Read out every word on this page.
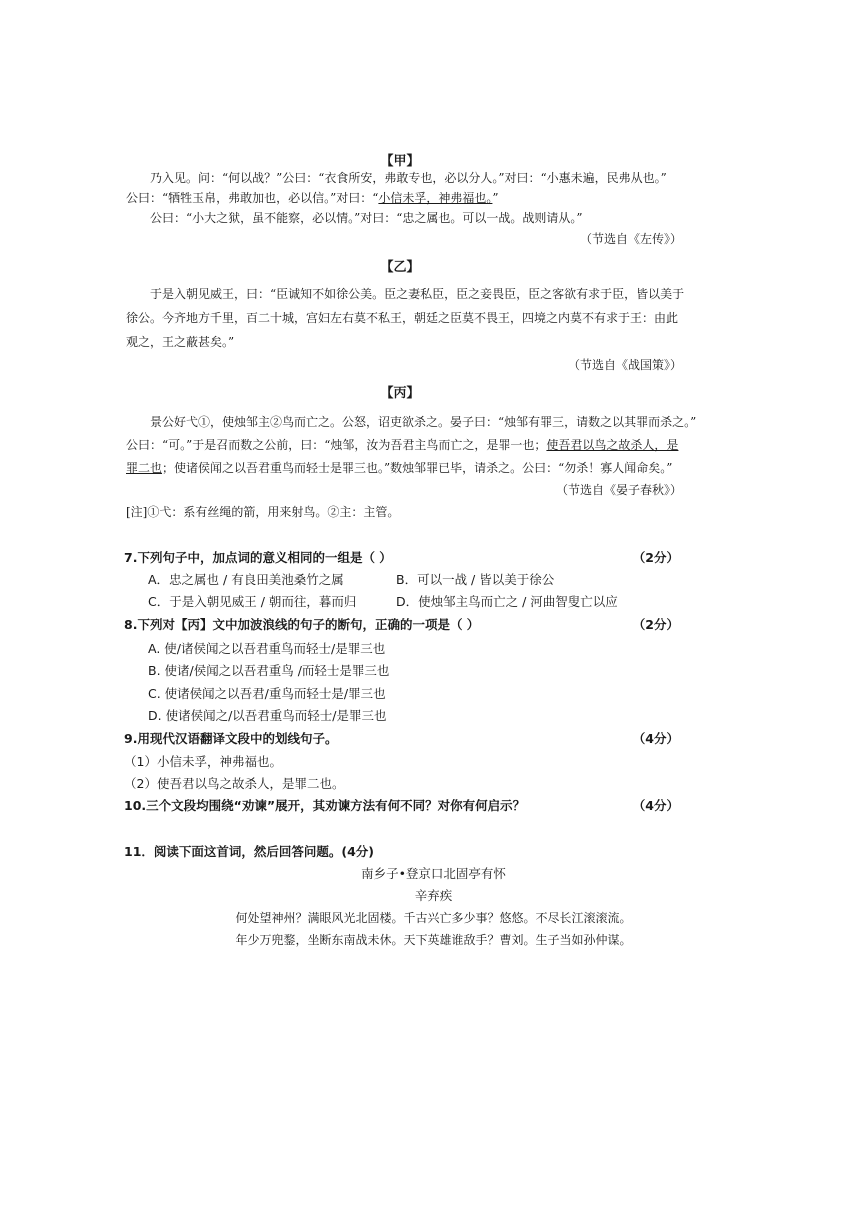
【甲】
乃入见。问：“何以战？”公曰：“衣食所安，弗敢专也，必以分人。”对曰：“小惠未遍，民弗从也。”
公曰：“牺牲玉帛，弗敢加也，必以信。”对曰：“小信未孚，神弗福也。”
公曰：“小大之狱，虽不能察，必以情。”对曰：“忠之属也。可以一战。战则请从。”
（节选自《左传》）
【乙】
于是入朝见威王，曰：“臣诚知不如徐公美。臣之妻私臣，臣之妾畏臣，臣之客欲有求于臣，皆以美于
徐公。今齐地方千里，百二十城，宫妇左右莫不私王，朝廷之臣莫不畏王，四境之内莫不有求于王：由此
观之，王之蔽甚矣。”
（节选自《战国策》）
【丙】
景公好弋①，使烛邹主②鸟而亡之。公怒，诏吏欲杀之。晏子曰：“烛邹有罪三，请数之以其罪而杀之。”
公曰：“可。”于是召而数之公前，曰：“烛邹，汝为吾君主鸟而亡之，是罪一也；使吾君以鸟之故杀人，是
罪二也；使诸侯闻之以吾君重鸟而轻士是罪三也。”数烛邹罪已毕，请杀之。公曰：“勿杀！寡人闻命矣。”
（节选自《晏子春秋》）
[注]①弋：系有丝绳的箭，用来射鸟。②主：主管。
7.下列句子中，加点词的意义相同的一组是（ ）	（2分）
A．忠之属也 / 有良田美池桑竹之属	B．可以一战 / 皆以美于徐公
C．于是入朝见威王 / 朝而往，暮而归	D．使烛邹主鸟而亡之 / 河曲智叟亡以应
8.下列对【丙】文中加波浪线的句子的断句，正确的一项是（ ）	（2分）
A. 使/诸侯闻之以吾君重鸟而轻士/是罪三也
B. 使诸/侯闻之以吾君重鸟 /而轻士是罪三也
C. 使诸侯闻之以吾君/重鸟而轻士是/罪三也
D. 使诸侯闻之/以吾君重鸟而轻士/是罪三也
9.用现代汉语翻译文段中的划线句子。	（4分）
（1）小信未孚，神弗福也。
（2）使吾君以鸟之故杀人，是罪二也。
10.三个文段均围绕“劝谏”展开，其劝谏方法有何不同？对你有何启示？	（4分）
11．阅读下面这首词，然后回答问题。(4分)
南乡子•登京口北固亭有怀
辛弃疾
何处望神州？满眼风光北固楼。千古兴亡多少事？悠悠。不尽长江滚滚流。
年少万兜鍪，坐断东南战未休。天下英雄谁敌手？曹刘。生子当如孙仲谋。
